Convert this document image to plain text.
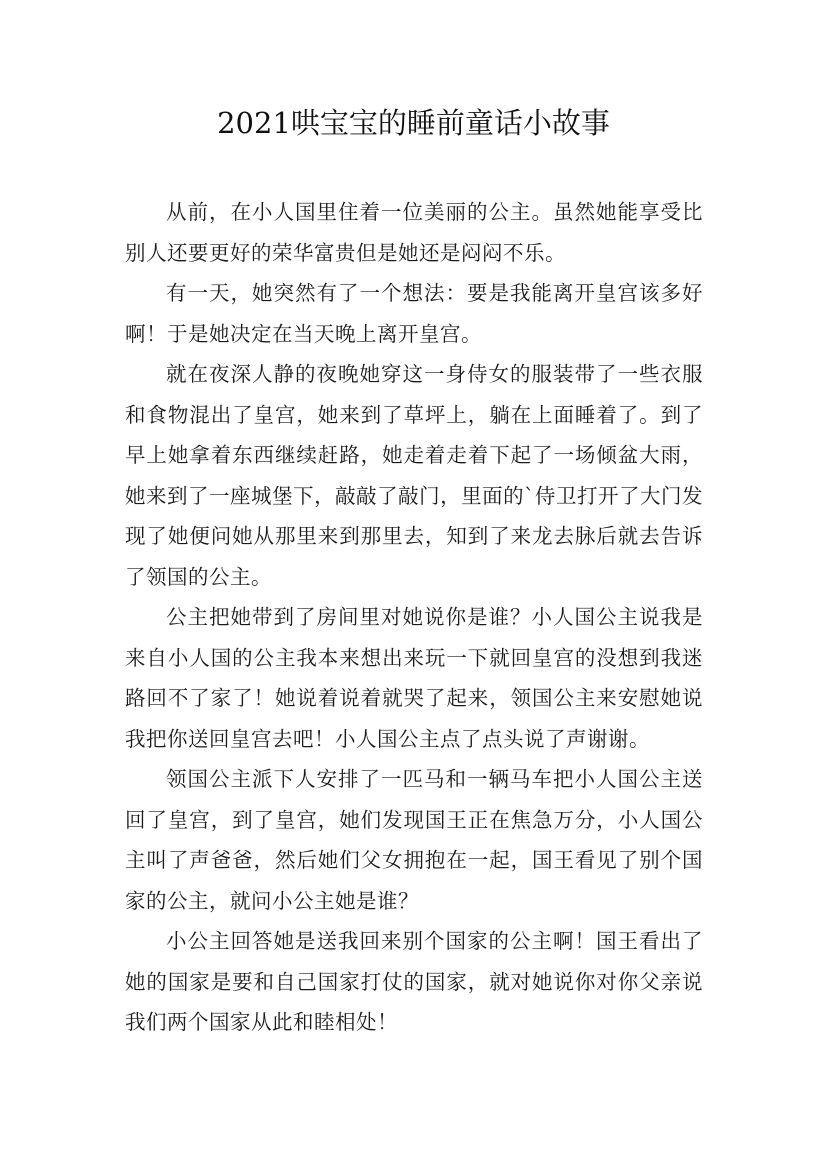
2021哄宝宝的睡前童话小故事

从前，在小人国里住着一位美丽的公主。虽然她能享受比别人还要更好的荣华富贵但是她还是闷闷不乐。

有一天，她突然有了一个想法：要是我能离开皇宫该多好啊！于是她决定在当天晚上离开皇宫。

就在夜深人静的夜晚她穿这一身侍女的服装带了一些衣服和食物混出了皇宫，她来到了草坪上，躺在上面睡着了。到了早上她拿着东西继续赶路，她走着走着下起了一场倾盆大雨，她来到了一座城堡下，敲敲了敲门，里面的`侍卫打开了大门发现了她便问她从那里来到那里去，知到了来龙去脉后就去告诉了领国的公主。

公主把她带到了房间里对她说你是谁？小人国公主说我是来自小人国的公主我本来想出来玩一下就回皇宫的没想到我迷路回不了家了！她说着说着就哭了起来，领国公主来安慰她说我把你送回皇宫去吧！小人国公主点了点头说了声谢谢。

领国公主派下人安排了一匹马和一辆马车把小人国公主送回了皇宫，到了皇宫，她们发现国王正在焦急万分，小人国公主叫了声爸爸，然后她们父女拥抱在一起，国王看见了别个国家的公主，就问小公主她是谁？

小公主回答她是送我回来别个国家的公主啊！国王看出了她的国家是要和自己国家打仗的国家，就对她说你对你父亲说我们两个国家从此和睦相处！
